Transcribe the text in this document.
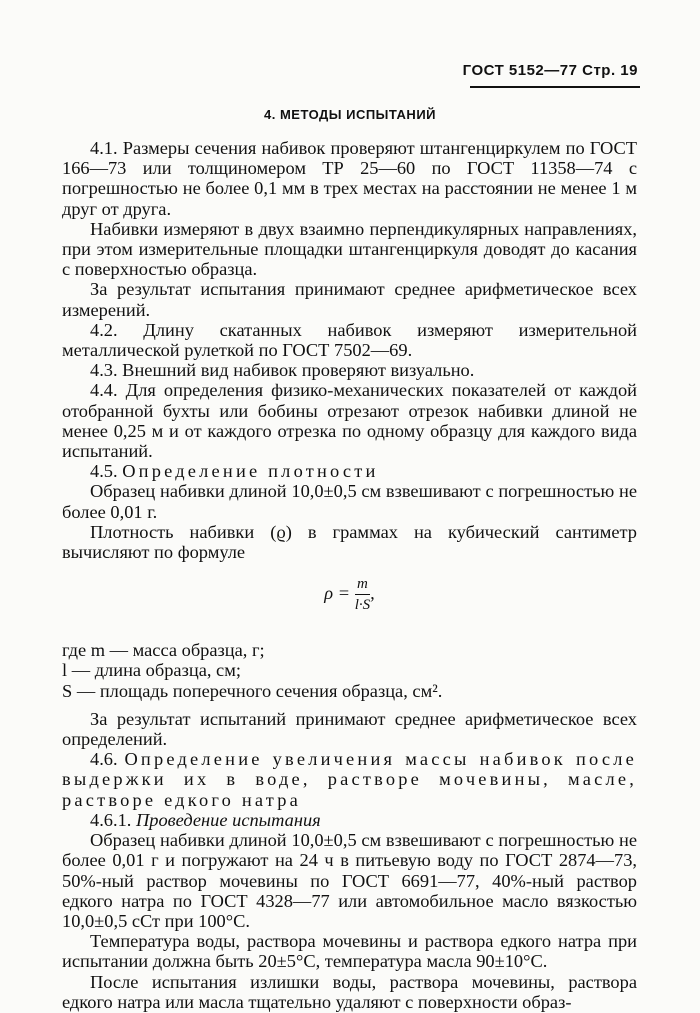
ГОСТ 5152—77 Стр. 19
4. МЕТОДЫ ИСПЫТАНИЙ

4.1. Размеры сечения набивок проверяют штангенциркулем по ГОСТ 166—73 или толщиномером ТР 25—60 по ГОСТ 11358—74 с погрешностью не более 0,1 мм в трех местах на расстоянии не менее 1 м друг от друга.

Набивки измеряют в двух взаимно перпендикулярных направлениях, при этом измерительные площадки штангенциркуля доводят до касания с поверхностью образца.

За результат испытания принимают среднее арифметическое всех измерений.

4.2. Длину скатанных набивок измеряют измерительной металлической рулеткой по ГОСТ 7502—69.

4.3. Внешний вид набивок проверяют визуально.

4.4. Для определения физико-механических показателей от каждой отобранной бухты или бобины отрезают отрезок набивки длиной не менее 0,25 м и от каждого отрезка по одному образцу для каждого вида испытаний.

4.5. Определение плотности

Образец набивки длиной 10,0±0,5 см взвешивают с погрешностью не более 0,01 г.

Плотность набивки (ϱ) в граммах на кубический сантиметр вычисляют по формуле

$\rho = \frac{m}{l\cdot S}$ ,

где m — масса образца, г;

l — длина образца, см;

S — площадь поперечного сечения образца, см².

За результат испытаний принимают среднее арифметическое всех определений.

4.6. Определение увеличения массы набивок после выдержки их в воде, растворе мочевины, масле, растворе едкого натра

4.6.1. Проведение испытания

Образец набивки длиной 10,0±0,5 см взвешивают с погрешностью не более 0,01 г и погружают на 24 ч в питьевую воду по ГОСТ 2874—73, 50%-ный раствор мочевины по ГОСТ 6691—77, 40%-ный раствор едкого натра по ГОСТ 4328—77 или автомобильное масло вязкостью 10,0±0,5 сСт при 100°С.

Температура воды, раствора мочевины и раствора едкого натра при испытании должна быть 20±5°С, температура масла 90±10°С.

После испытания излишки воды, раствора мочевины, раствора едкого натра или масла тщательно удаляют с поверхности образ-
